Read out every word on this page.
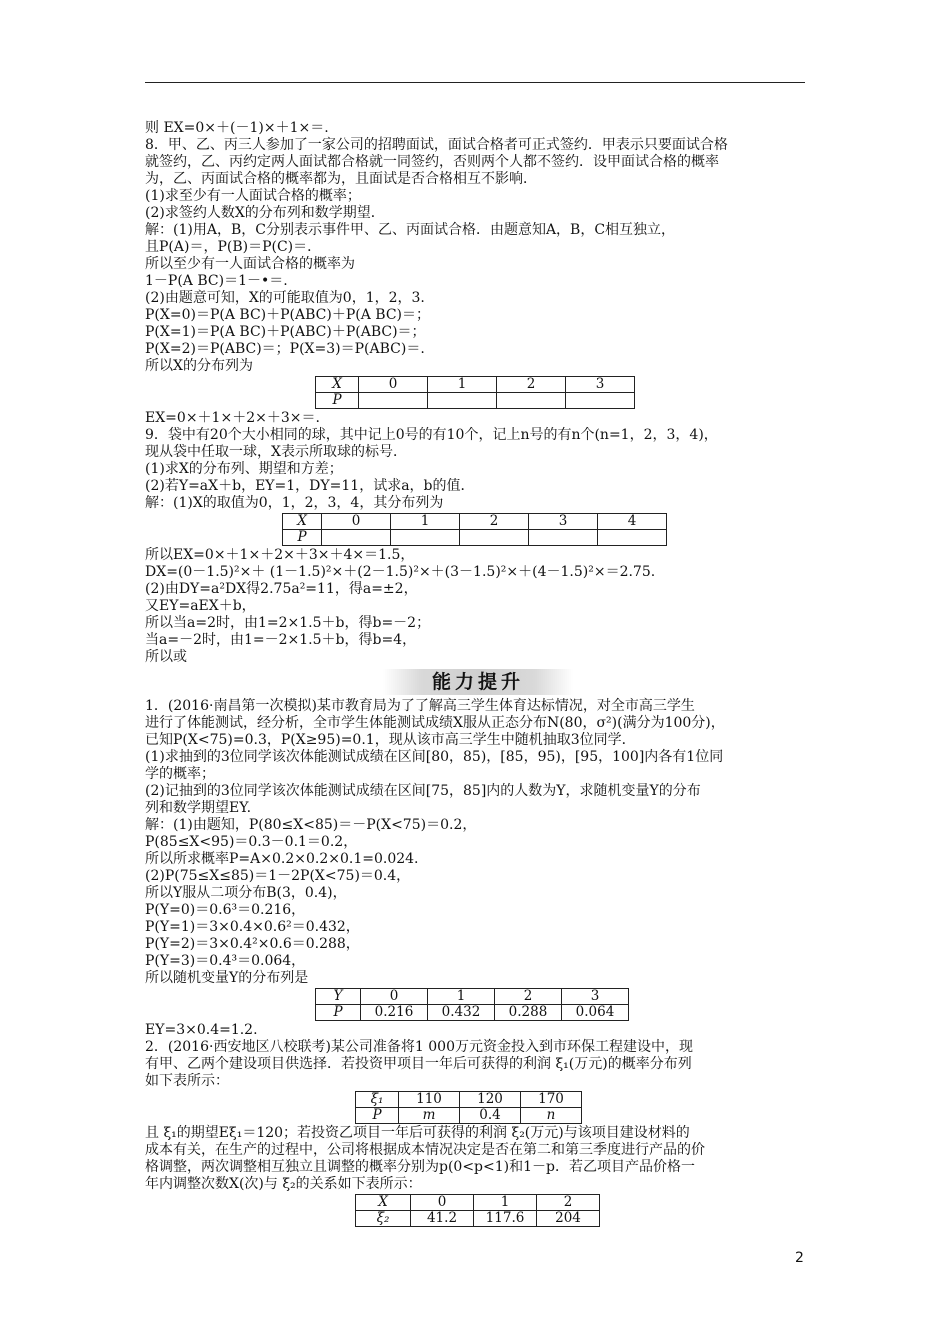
则 EX=0×＋(－1)×＋1×＝.
8．甲、乙、丙三人参加了一家公司的招聘面试，面试合格者可正式签约．甲表示只要面试合格
就签约，乙、丙约定两人面试都合格就一同签约，否则两个人都不签约．设甲面试合格的概率
为，乙、丙面试合格的概率都为，且面试是否合格相互不影响．
(1)求至少有一人面试合格的概率；
(2)求签约人数X的分布列和数学期望．
解：(1)用A，B，C分别表示事件甲、乙、丙面试合格．由题意知A，B，C相互独立，
且P(A)＝，P(B)＝P(C)＝．
所以至少有一人面试合格的概率为
1－P(A BC)＝1－•＝.
(2)由题意可知，X的可能取值为0，1，2，3.
P(X=0)＝P(A BC)＋P(ABC)＋P(A BC)＝；
P(X=1)＝P(A BC)＋P(ABC)＋P(ABC)＝；
P(X=2)＝P(ABC)＝；P(X=3)＝P(ABC)＝.
所以X的分布列为
X	0	1	2	3
P				
EX=0×＋1×＋2×＋3×＝.
9．袋中有20个大小相同的球，其中记上0号的有10个，记上n号的有n个(n=1，2，3，4)，
现从袋中任取一球，X表示所取球的标号．
(1)求X的分布列、期望和方差；
(2)若Y=aX＋b，EY=1，DY=11，试求a，b的值．
解：(1)X的取值为0，1，2，3，4，其分布列为
X	0	1	2	3	4
P					
所以EX=0×＋1×＋2×＋3×＋4×＝1.5，
DX=(0－1.5)²×＋ (1－1.5)²×＋(2－1.5)²×＋(3－1.5)²×＋(4－1.5)²×＝2.75.
(2)由DY=a²DX得2.75a²=11，得a=±2，
又EY=aEX＋b，
所以当a=2时，由1=2×1.5＋b，得b=－2；
当a=－2时，由1=－2×1.5＋b，得b=4，
所以或
能力提升
1．(2016·南昌第一次模拟)某市教育局为了了解高三学生体育达标情况，对全市高三学生
进行了体能测试，经分析，全市学生体能测试成绩X服从正态分布N(80，σ²)(满分为100分)，
已知P(X<75)=0.3，P(X≥95)=0.1，现从该市高三学生中随机抽取3位同学．
(1)求抽到的3位同学该次体能测试成绩在区间[80，85)，[85，95)，[95，100]内各有1位同
学的概率；
(2)记抽到的3位同学该次体能测试成绩在区间[75，85]内的人数为Y，求随机变量Y的分布
列和数学期望EY.
解：(1)由题知，P(80≤X<85)＝－P(X<75)＝0.2，
P(85≤X<95)＝0.3－0.1＝0.2，
所以所求概率P=A×0.2×0.2×0.1=0.024.
(2)P(75≤X≤85)＝1－2P(X<75)＝0.4，
所以Y服从二项分布B(3，0.4)，
P(Y=0)＝0.6³＝0.216，
P(Y=1)＝3×0.4×0.6²＝0.432，
P(Y=2)＝3×0.4²×0.6＝0.288，
P(Y=3)＝0.4³＝0.064，
所以随机变量Y的分布列是
Y	0	1	2	3
P	0.216	0.432	0.288	0.064
EY=3×0.4=1.2.
2．(2016·西安地区八校联考)某公司准备将1 000万元资金投入到市环保工程建设中，现
有甲、乙两个建设项目供选择．若投资甲项目一年后可获得的利润 ξ₁(万元)的概率分布列
如下表所示：
ξ₁	110	120	170
P	m	0.4	n
且 ξ₁的期望Eξ₁＝120；若投资乙项目一年后可获得的利润 ξ₂(万元)与该项目建设材料的
成本有关，在生产的过程中，公司将根据成本情况决定是否在第二和第三季度进行产品的价
格调整，两次调整相互独立且调整的概率分别为p(0<p<1)和1－p．若乙项目产品价格一
年内调整次数X(次)与 ξ₂的关系如下表所示：
X	0	1	2
ξ₂	41.2	117.6	204
2
